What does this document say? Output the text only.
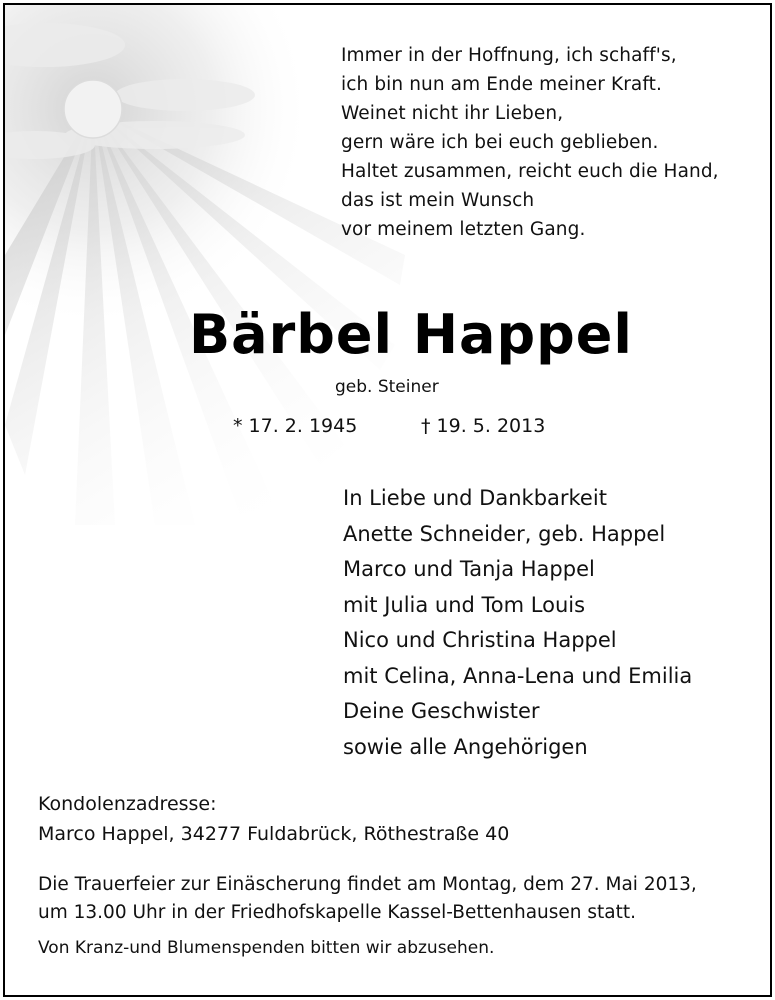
Immer in der Hoffnung, ich schaff's,
ich bin nun am Ende meiner Kraft.
Weinet nicht ihr Lieben,
gern wäre ich bei euch geblieben.
Haltet zusammen, reicht euch die Hand,
das ist mein Wunsch
vor meinem letzten Gang.
Bärbel Happel
geb. Steiner
* 17. 2. 1945	† 19. 5. 2013
In Liebe und Dankbarkeit
Anette Schneider, geb. Happel
Marco und Tanja Happel
mit Julia und Tom Louis
Nico und Christina Happel
mit Celina, Anna-Lena und Emilia
Deine Geschwister
sowie alle Angehörigen
Kondolenzadresse:
Marco Happel, 34277 Fuldabrück, Röthestraße 40
Die Trauerfeier zur Einäscherung findet am Montag, dem 27. Mai 2013,
um 13.00 Uhr in der Friedhofskapelle Kassel-Bettenhausen statt.
Von Kranz-und Blumenspenden bitten wir abzusehen.
